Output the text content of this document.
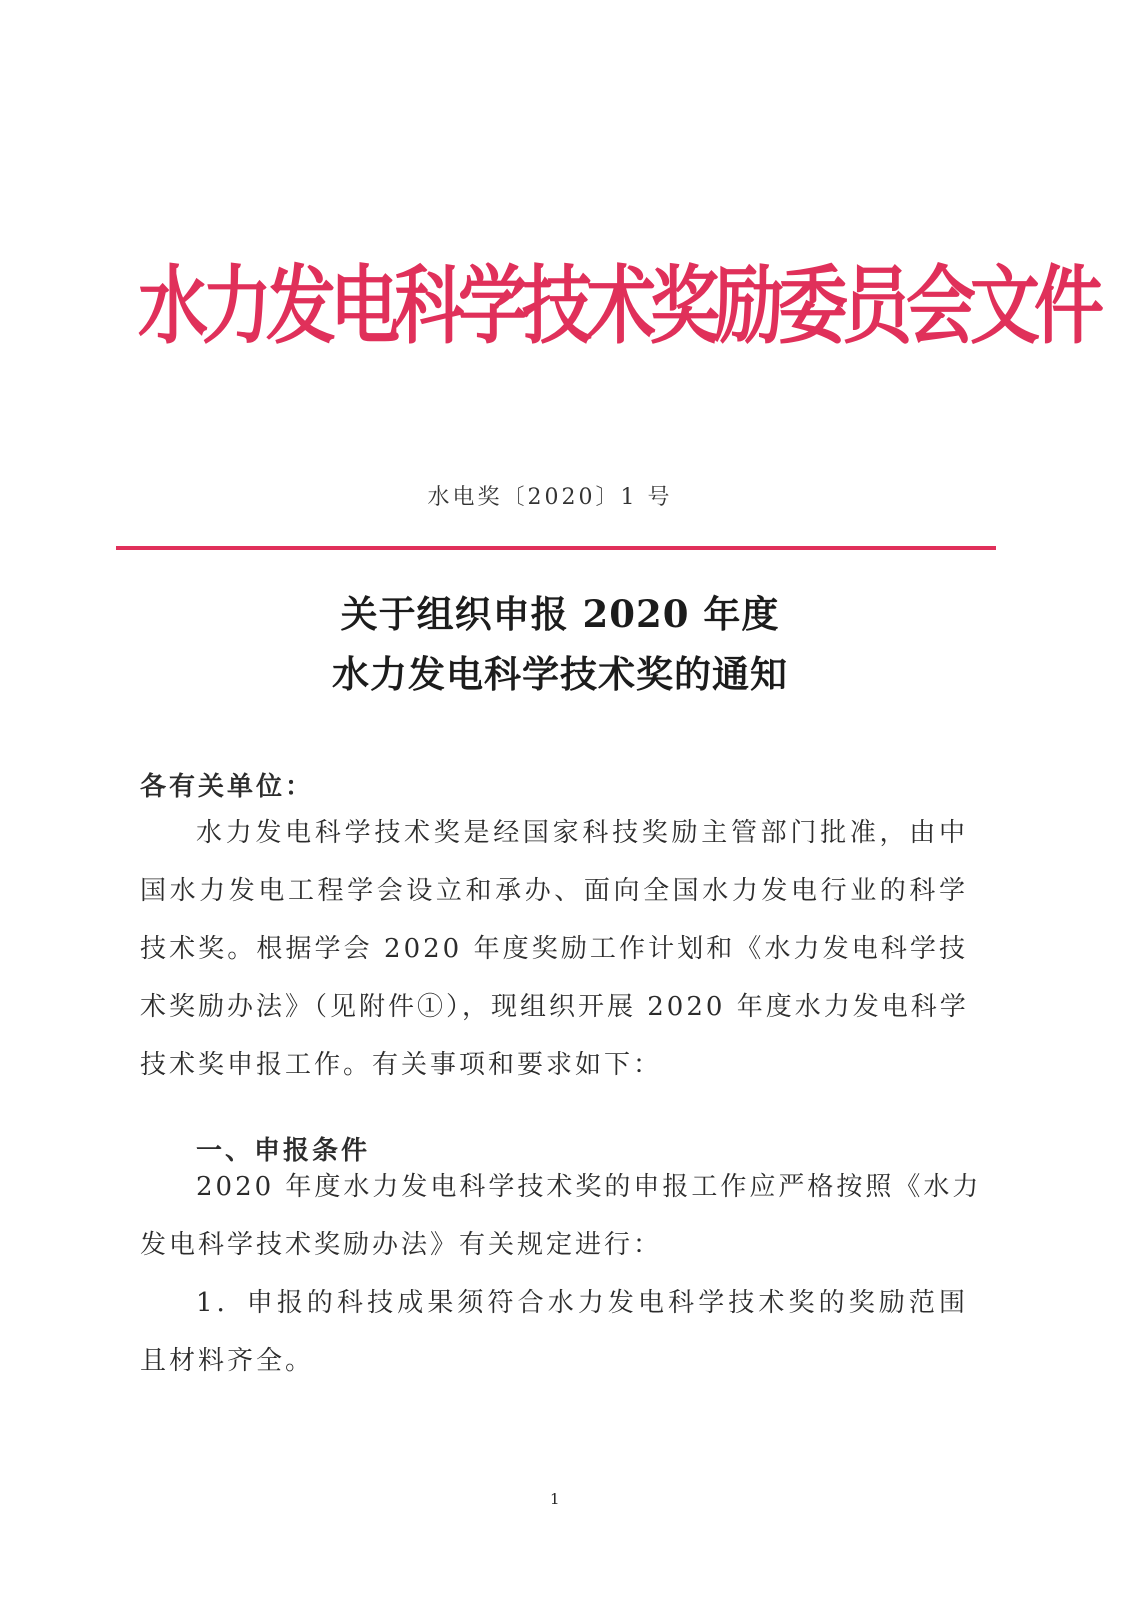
水力发电科学技术奖励委员会文件
水电奖〔2020〕1 号
关于组织申报 2020 年度
水力发电科学技术奖的通知
各有关单位：
水力发电科学技术奖是经国家科技奖励主管部门批准，由中
国水力发电工程学会设立和承办、面向全国水力发电行业的科学
技术奖。根据学会 2020 年度奖励工作计划和《水力发电科学技
术奖励办法》（见附件①），现组织开展 2020 年度水力发电科学
技术奖申报工作。有关事项和要求如下：
一、申报条件
2020 年度水力发电科学技术奖的申报工作应严格按照《水力
发电科学技术奖励办法》有关规定进行：
1．申报的科技成果须符合水力发电科学技术奖的奖励范围
且材料齐全。
1
